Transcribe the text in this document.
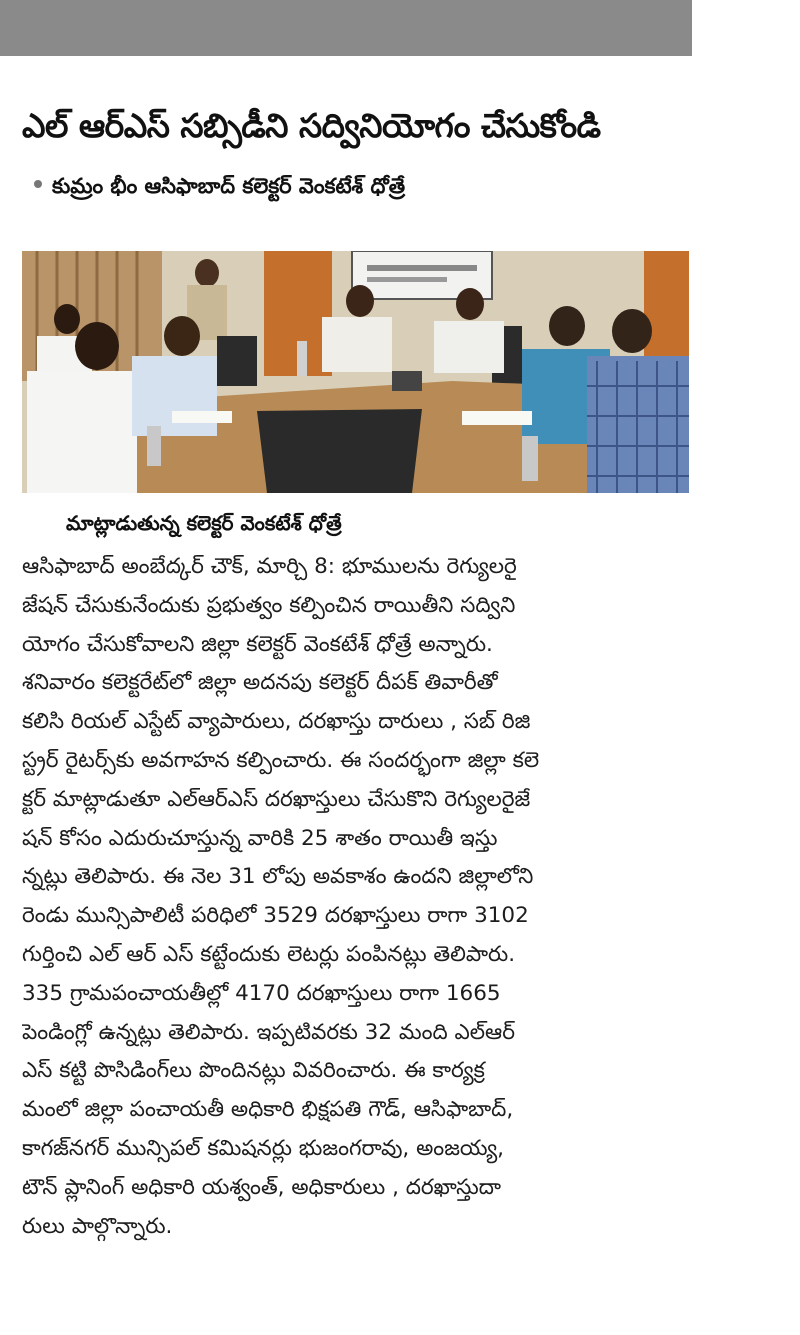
ఎల్ ఆర్ఎస్ సబ్సిడీని సద్వినియోగం చేసుకోండి
కుమ్రం భీం ఆసిఫాబాద్ కలెక్టర్ వెంకటేశ్ ధోత్రే
మాట్లాడుతున్న కలెక్టర్ వెంకటేశ్ ధోత్రే
ఆసిఫాబాద్ అంబేద్కర్ చౌక్, మార్చి 8: భూములను రెగ్యులరై
జేషన్ చేసుకునేందుకు ప్రభుత్వం కల్పించిన రాయితీని సద్విని
యోగం చేసుకోవాలని జిల్లా కలెక్టర్ వెంకటేశ్ ధోత్రే అన్నారు.
శనివారం కలెక్టరేట్‌లో జిల్లా అదనపు కలెక్టర్ దీపక్ తివారీతో
కలిసి రియల్ ఎస్టేట్ వ్యాపారులు, దరఖాస్తు దారులు , సబ్ రిజి
స్ట్రర్ రైటర్స్‌కు అవగాహన కల్పించారు. ఈ సందర్భంగా జిల్లా కలె
క్టర్ మాట్లాడుతూ ఎల్ఆర్ఎస్ దరఖాస్తులు చేసుకొని రెగ్యులరైజే
షన్ కోసం ఎదురుచూస్తున్న వారికి 25 శాతం రాయితీ ఇస్తు
న్నట్లు తెలిపారు. ఈ నెల 31 లోపు అవకాశం ఉందని జిల్లాలోని
రెండు మున్సిపాలిటీ పరిధిలో 3529 దరఖాస్తులు రాగా 3102
గుర్తించి ఎల్ ఆర్ ఎస్ కట్టేందుకు లెటర్లు పంపినట్లు తెలిపారు.
335 గ్రామపంచాయతీల్లో 4170 దరఖాస్తులు రాగా 1665
పెండింగ్లో ఉన్నట్లు తెలిపారు. ఇప్పటివరకు 32 మంది ఎల్ఆర్
ఎస్ కట్టి పొసిడింగ్‌లు పొందినట్లు వివరించారు. ఈ కార్యక్ర
మంలో జిల్లా పంచాయతీ అధికారి భిక్షపతి గౌడ్, ఆసిఫాబాద్,
కాగజ్‌నగర్ మున్సిపల్ కమిషనర్లు భుజంగరావు, అంజయ్య,
టౌన్ ప్లానింగ్ అధికారి యశ్వంత్, అధికారులు , దరఖాస్తుదా
రులు పాల్గొన్నారు.
